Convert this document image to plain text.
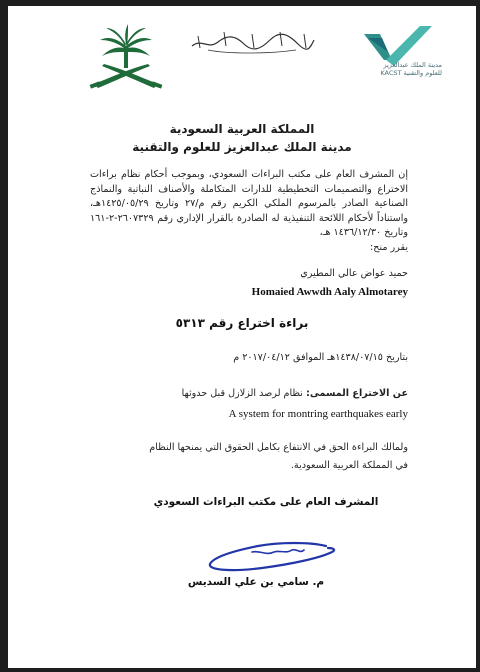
مدينة الملك عبدالعزيز
KACST للعلوم والتقنية
المملكة العربية السعودية
مدينة الملك عبدالعزيز للعلوم والتقنية
إن المشرف العام على مكتب البراءات السعودي، وبموجب أحكام نظام براءات الاختراع والتصميمات التخطيطية للدارات المتكاملة والأصناف النباتية والنماذج الصناعية الصادر بالمرسوم الملكي الكريم رقم م/٢٧ وتاريخ ١٤٢٥/٠٥/٢٩هـ، واستناداً لأحكام اللائحة التنفيذية له الصادرة بالقرار الإداري رقم ٢٦٠٧٣٢٩-٢-١٦١ وتاريخ ١٤٣٦/١٢/٣٠ هـ،
يقرر منح:
حميد عواض عالي المطيري
Homaied Awwdh Aaly Almotarey
براءة اختراع رقم ٥٣١٣
بتاريخ ١٤٣٨/٠٧/١٥هـ الموافق ٢٠١٧/٠٤/١٢ م
عن الاختراع المسمى: نظام لرصد الزلازل قبل حدوثها
A system for montring earthquakes early
ولمالك البراءة الحق في الانتفاع بكامل الحقوق التي يمنحها النظام
في المملكة العربية السعودية.
المشرف العام على مكتب البراءات السعودي
م. سامي بن علي السديس
